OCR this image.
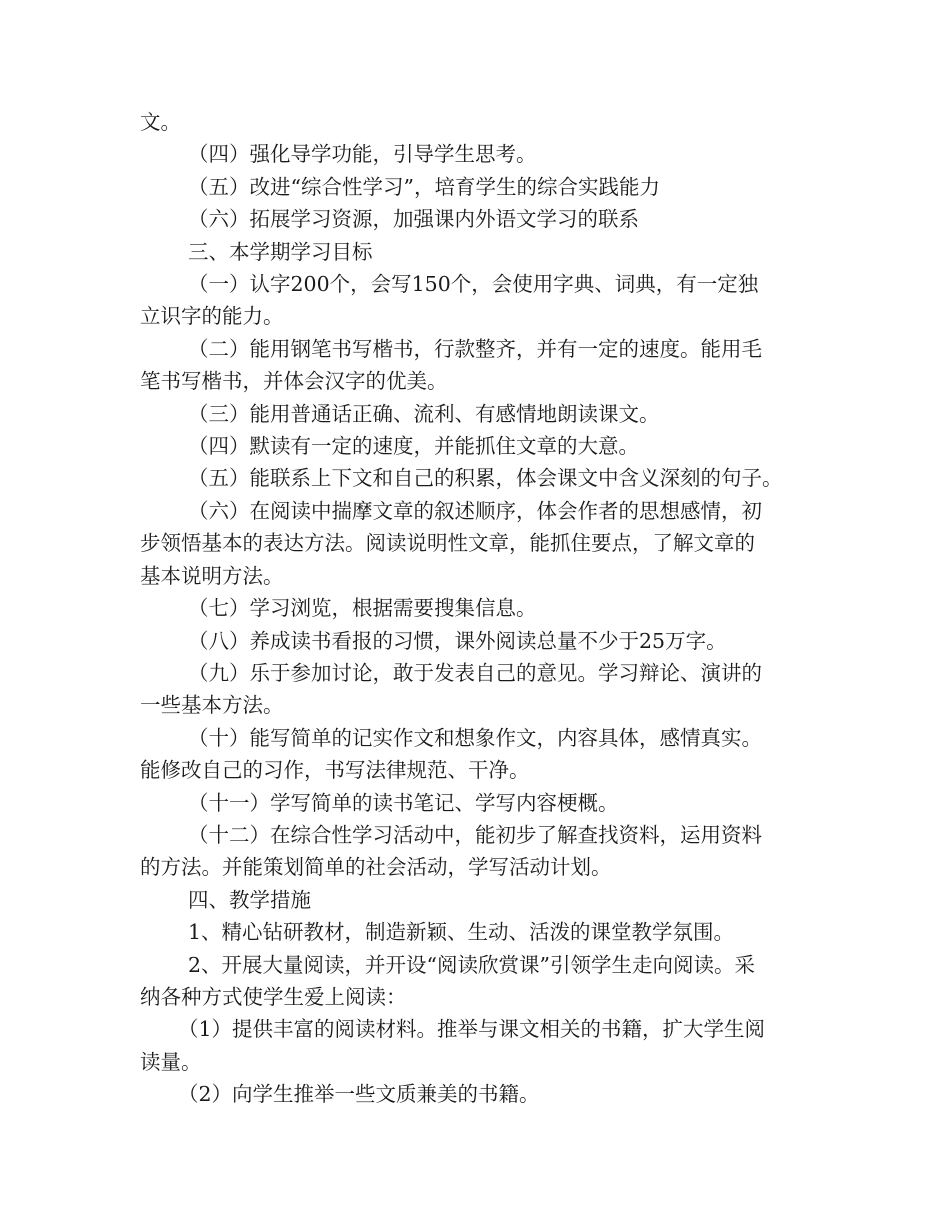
文。

（四）强化导学功能，引导学生思考。

（五）改进“综合性学习”，培育学生的综合实践能力

（六）拓展学习资源，加强课内外语文学习的联系

三、本学期学习目标

（一）认字200个，会写150个，会使用字典、词典，有一定独
立识字的能力。

（二）能用钢笔书写楷书，行款整齐，并有一定的速度。能用毛
笔书写楷书，并体会汉字的优美。

（三）能用普通话正确、流利、有感情地朗读课文。

（四）默读有一定的速度，并能抓住文章的大意。

（五）能联系上下文和自己的积累，体会课文中含义深刻的句子。

（六）在阅读中揣摩文章的叙述顺序，体会作者的思想感情，初
步领悟基本的表达方法。阅读说明性文章，能抓住要点，了解文章的
基本说明方法。

（七）学习浏览，根据需要搜集信息。

（八）养成读书看报的习惯，课外阅读总量不少于25万字。

（九）乐于参加讨论，敢于发表自己的意见。学习辩论、演讲的
一些基本方法。

（十）能写简单的记实作文和想象作文，内容具体，感情真实。
能修改自己的习作，书写法律规范、干净。

（十一）学写简单的读书笔记、学写内容梗概。

（十二）在综合性学习活动中，能初步了解查找资料，运用资料
的方法。并能策划简单的社会活动，学写活动计划。

四、教学措施

1、精心钻研教材，制造新颖、生动、活泼的课堂教学氛围。

2、开展大量阅读，并开设“阅读欣赏课”引领学生走向阅读。采
纳各种方式使学生爱上阅读：

（1）提供丰富的阅读材料。推举与课文相关的书籍，扩大学生阅
读量。

（2）向学生推举一些文质兼美的书籍。
